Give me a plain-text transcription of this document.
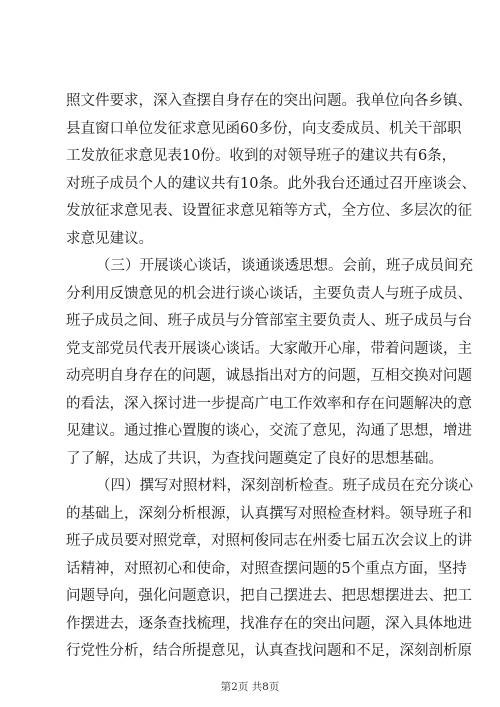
照文件要求，深入查摆自身存在的突出问题。我单位向各乡镇、
县直窗口单位发征求意见函60多份，向支委成员、机关干部职
工发放征求意见表10份。收到的对领导班子的建议共有6条，
对班子成员个人的建议共有10条。此外我台还通过召开座谈会、
发放征求意见表、设置征求意见箱等方式，全方位、多层次的征
求意见建议。
（三）开展谈心谈话，谈通谈透思想。会前，班子成员间充
分利用反馈意见的机会进行谈心谈话，主要负责人与班子成员、
班子成员之间、班子成员与分管部室主要负责人、班子成员与台
党支部党员代表开展谈心谈话。大家敞开心扉，带着问题谈，主
动亮明自身存在的问题，诚恳指出对方的问题，互相交换对问题
的看法，深入探讨进一步提高广电工作效率和存在问题解决的意
见建议。通过推心置腹的谈心，交流了意见，沟通了思想，增进
了了解，达成了共识，为查找问题奠定了良好的思想基础。
（四）撰写对照材料，深刻剖析检查。班子成员在充分谈心
的基础上，深刻分析根源，认真撰写对照检查材料。领导班子和
班子成员要对照党章，对照柯俊同志在州委七届五次会议上的讲
话精神，对照初心和使命，对照查摆问题的5个重点方面，坚持
问题导向，强化问题意识，把自己摆进去、把思想摆进去、把工
作摆进去，逐条查找梳理，找准存在的突出问题，深入具体地进
行党性分析，结合所提意见，认真查找问题和不足，深刻剖析原
第2页 共8页
